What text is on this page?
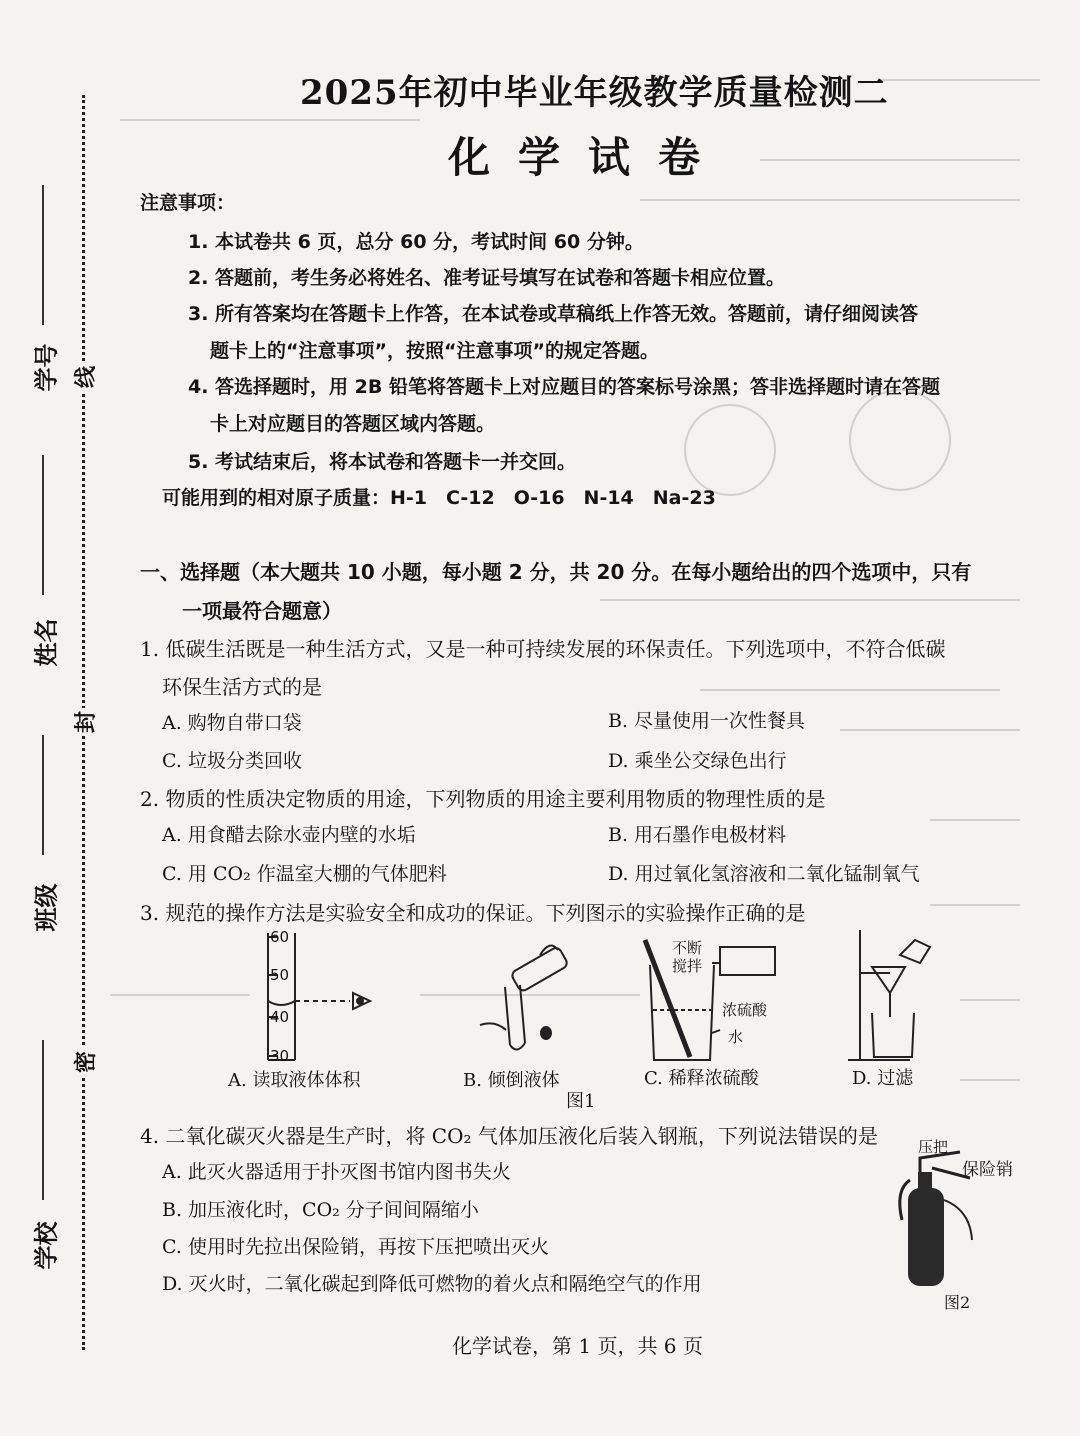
学号
姓名
班级
学校
线
封
密
2025年初中毕业年级教学质量检测二
化学试卷
注意事项：
1. 本试卷共 6 页，总分 60 分，考试时间 60 分钟。
2. 答题前，考生务必将姓名、准考证号填写在试卷和答题卡相应位置。
3. 所有答案均在答题卡上作答，在本试卷或草稿纸上作答无效。答题前，请仔细阅读答
题卡上的“注意事项”，按照“注意事项”的规定答题。
4. 答选择题时，用 2B 铅笔将答题卡上对应题目的答案标号涂黑；答非选择题时请在答题
卡上对应题目的答题区域内答题。
5. 考试结束后，将本试卷和答题卡一并交回。
可能用到的相对原子质量：H-1　C-12　O-16　N-14　Na-23
一、选择题（本大题共 10 小题，每小题 2 分，共 20 分。在每小题给出的四个选项中，只有
一项最符合题意）
1. 低碳生活既是一种生活方式，又是一种可持续发展的环保责任。下列选项中，不符合低碳
环保生活方式的是
A. 购物自带口袋	B. 尽量使用一次性餐具
C. 垃圾分类回收	D. 乘坐公交绿色出行
2. 物质的性质决定物质的用途，下列物质的用途主要利用物质的物理性质的是
A. 用食醋去除水壶内壁的水垢	B. 用石墨作电极材料
C. 用 CO₂ 作温室大棚的气体肥料	D. 用过氧化氢溶液和二氧化锰制氧气
3. 规范的操作方法是实验安全和成功的保证。下列图示的实验操作正确的是
60
50
40
30
不断
搅拌
浓硫酸
水
A. 读取液体体积	B. 倾倒液体	C. 稀释浓硫酸	D. 过滤
图1
4. 二氧化碳灭火器是生产时，将 CO₂ 气体加压液化后装入钢瓶，下列说法错误的是
A. 此灭火器适用于扑灭图书馆内图书失火
B. 加压液化时，CO₂ 分子间间隔缩小
C. 使用时先拉出保险销，再按下压把喷出灭火
D. 灭火时，二氧化碳起到降低可燃物的着火点和隔绝空气的作用
压把
保险销
图2
化学试卷，第 1 页，共 6 页
